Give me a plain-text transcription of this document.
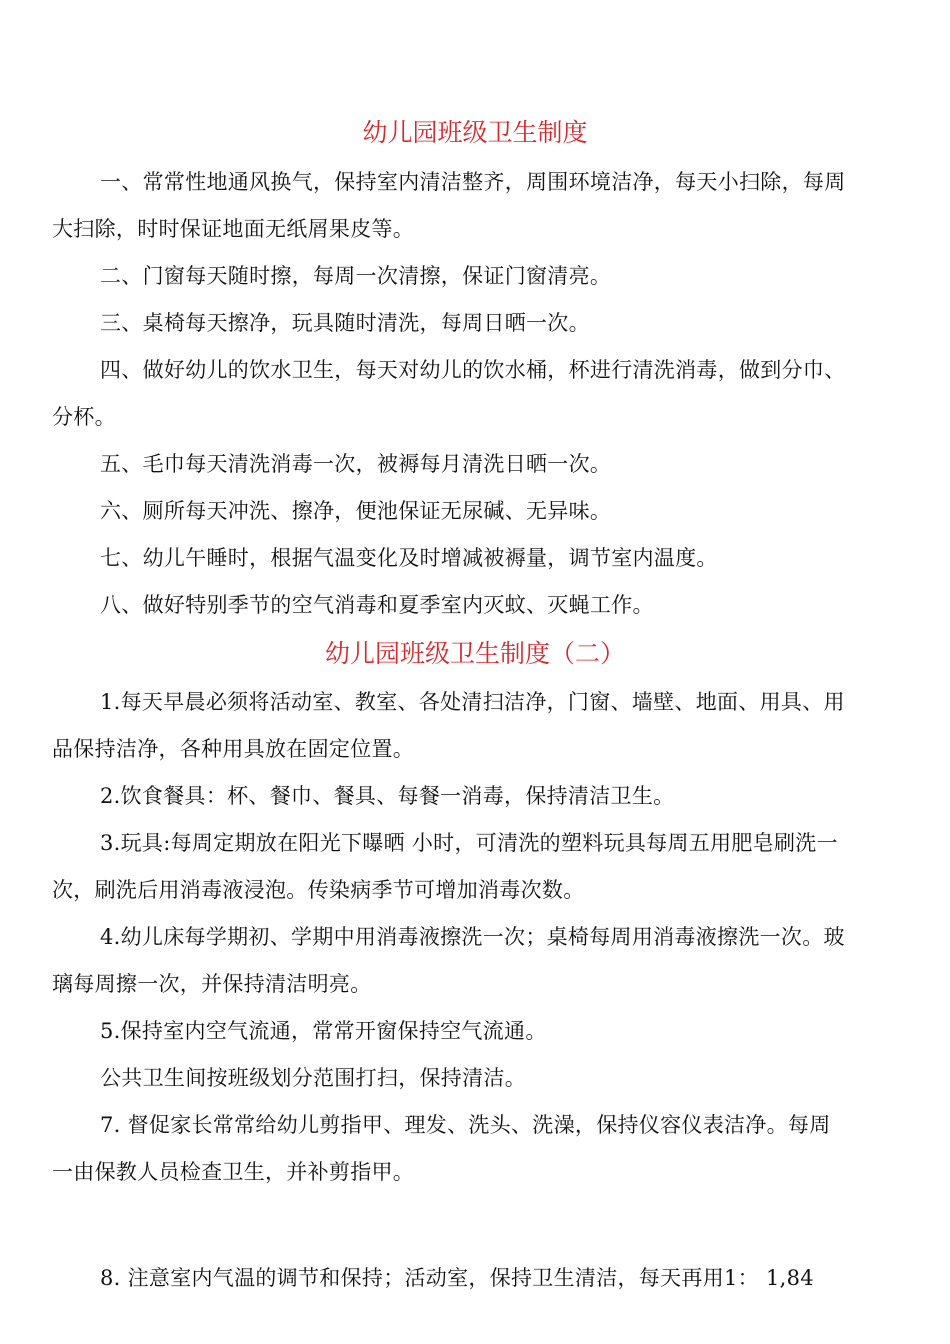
幼儿园班级卫生制度
一、常常性地通风换气，保持室内清洁整齐，周围环境洁净，每天小扫除，每周
大扫除，时时保证地面无纸屑果皮等。
二、门窗每天随时擦，每周一次清擦，保证门窗清亮。
三、桌椅每天擦净，玩具随时清洗，每周日晒一次。
四、做好幼儿的饮水卫生，每天对幼儿的饮水桶，杯进行清洗消毒，做到分巾、
分杯。
五、毛巾每天清洗消毒一次，被褥每月清洗日晒一次。
六、厕所每天冲洗、擦净，便池保证无尿碱、无异味。
七、幼儿午睡时，根据气温变化及时增减被褥量，调节室内温度。
八、做好特别季节的空气消毒和夏季室内灭蚊、灭蝇工作。
幼儿园班级卫生制度（二）
1.每天早晨必须将活动室、教室、各处清扫洁净，门窗、墙壁、地面、用具、用
品保持洁净，各种用具放在固定位置。
2.饮食餐具：杯、餐巾、餐具、每餐一消毒，保持清洁卫生。
3.玩具:每周定期放在阳光下曝晒 小时，可清洗的塑料玩具每周五用肥皂刷洗一
次，刷洗后用消毒液浸泡。传染病季节可增加消毒次数。
4.幼儿床每学期初、学期中用消毒液擦洗一次；桌椅每周用消毒液擦洗一次。玻
璃每周擦一次，并保持清洁明亮。
5.保持室内空气流通，常常开窗保持空气流通。
公共卫生间按班级划分范围打扫，保持清洁。
7. 督促家长常常给幼儿剪指甲、理发、洗头、洗澡，保持仪容仪表洁净。每周
一由保教人员检查卫生，并补剪指甲。
8. 注意室内气温的调节和保持；活动室，保持卫生清洁，每天再用1： 1,84
